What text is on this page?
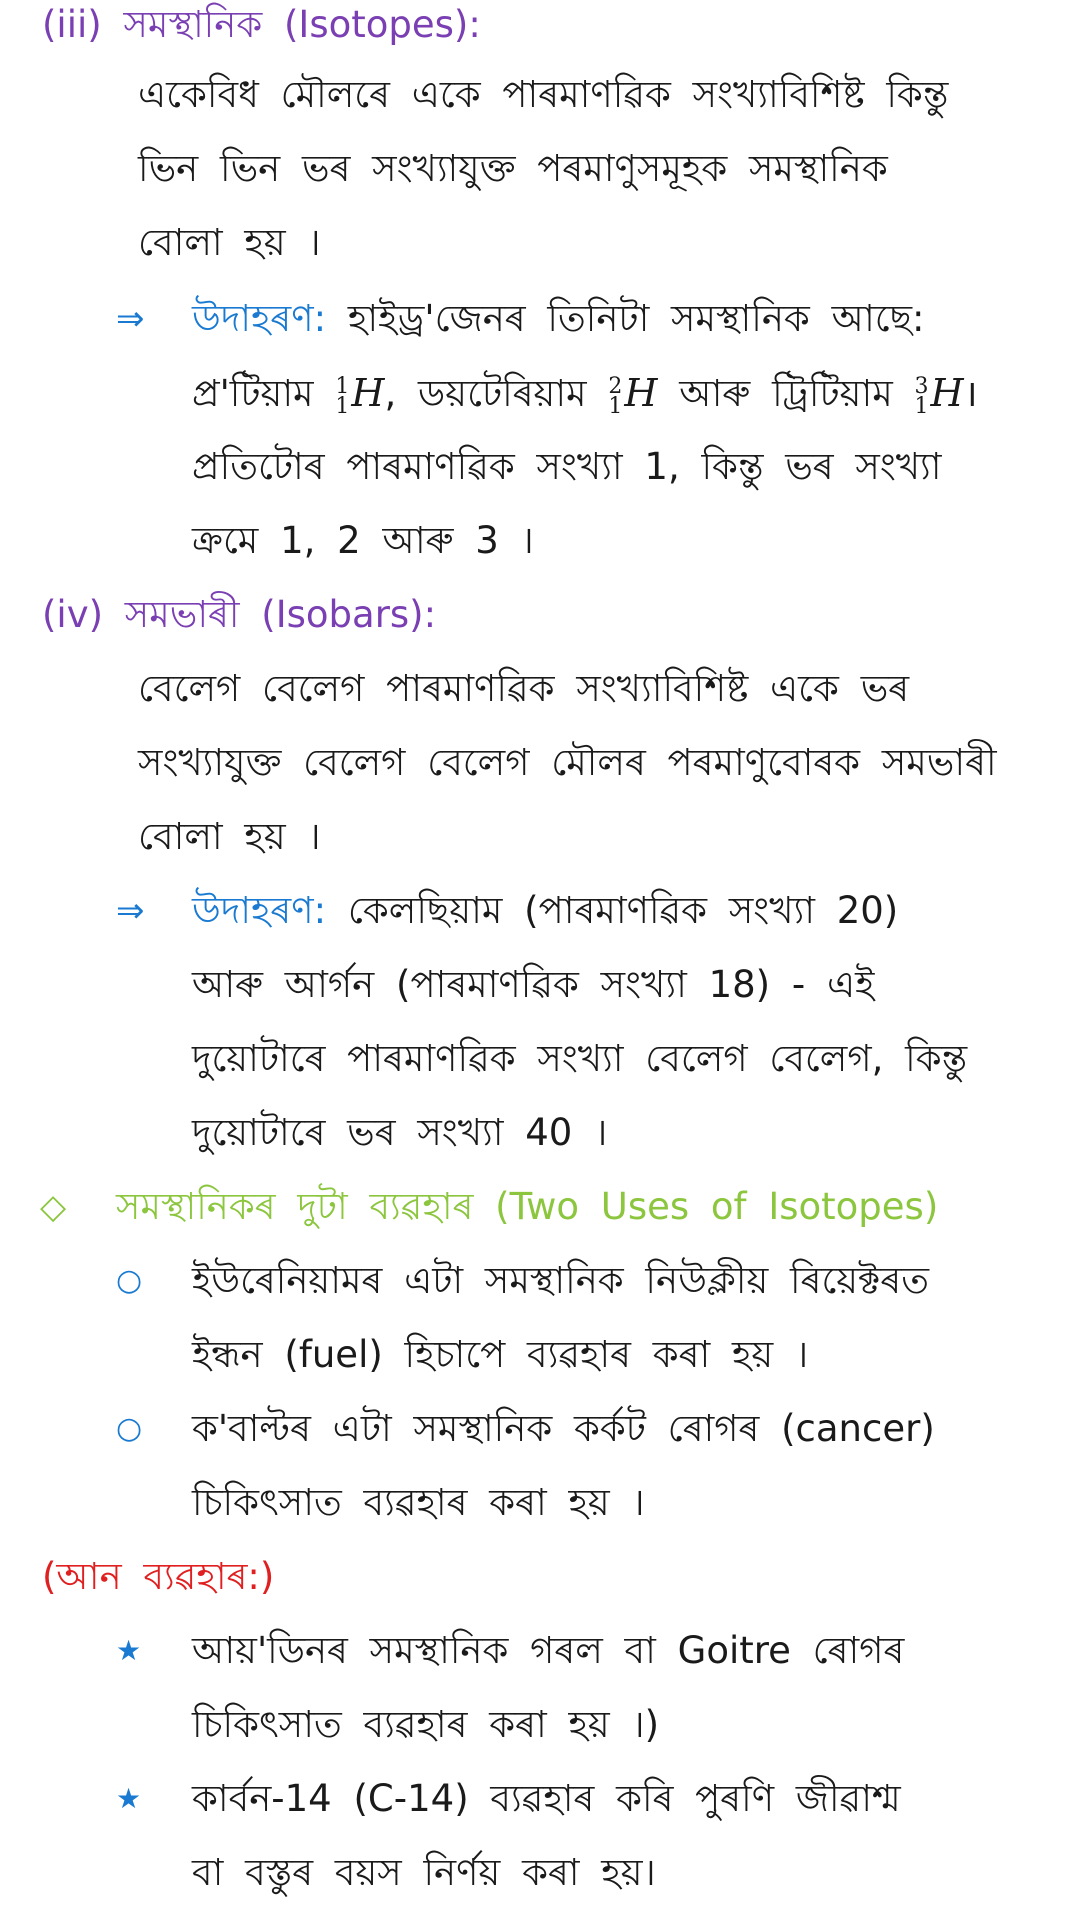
(iii) সমস্থানিক (Isotopes):
একেবিধ মৌলৰে একে পাৰমাণৱিক সংখ্যাবিশিষ্ট কিন্তু
ভিন ভিন ভৰ সংখ্যাযুক্ত পৰমাণুসমূহক সমস্থানিক
বোলা হয় ।
⇒ উদাহৰণ: হাইড্ৰ'জেনৰ তিনিটা সমস্থানিক আছে:
প্ৰ'টিয়াম 1
1 H, ডয়টেৰিয়াম 2
1 H আৰু ট্ৰিটিয়াম 3
1 H।
প্ৰতিটোৰ পাৰমাণৱিক সংখ্যা 1, কিন্তু ভৰ সংখ্যা
ক্ৰমে 1, 2 আৰু 3 ।
(iv) সমভাৰী (Isobars):
বেলেগ বেলেগ পাৰমাণৱিক সংখ্যাবিশিষ্ট একে ভৰ
সংখ্যাযুক্ত বেলেগ বেলেগ মৌলৰ পৰমাণুবোৰক সমভাৰী
বোলা হয় ।
⇒ উদাহৰণ: কেলছিয়াম (পাৰমাণৱিক সংখ্যা 20)
আৰু আৰ্গন (পাৰমাণৱিক সংখ্যা 18) - এই
দুয়োটাৰে পাৰমাণৱিক সংখ্যা বেলেগ বেলেগ, কিন্তু
দুয়োটাৰে ভৰ সংখ্যা 40 ।
◇ সমস্থানিকৰ দুটা ব্যৱহাৰ (Two Uses of Isotopes)
○ ইউৰেনিয়ামৰ এটা সমস্থানিক নিউক্লীয় ৰিয়েক্টৰত
ইন্ধন (fuel) হিচাপে ব্যৱহাৰ কৰা হয় ।
○ ক'বাল্টৰ এটা সমস্থানিক কৰ্কট ৰোগৰ (cancer)
চিকিৎসাত ব্যৱহাৰ কৰা হয় ।
(আন ব্যৱহাৰ:)
★ আয়'ডিনৰ সমস্থানিক গৰল বা Goitre ৰোগৰ
চিকিৎসাত ব্যৱহাৰ কৰা হয় ।)
★ কাৰ্বন-14 (C-14) ব্যৱহাৰ কৰি পুৰণি জীৱাশ্ম
বা বস্তুৰ বয়স নিৰ্ণয় কৰা হয়।
